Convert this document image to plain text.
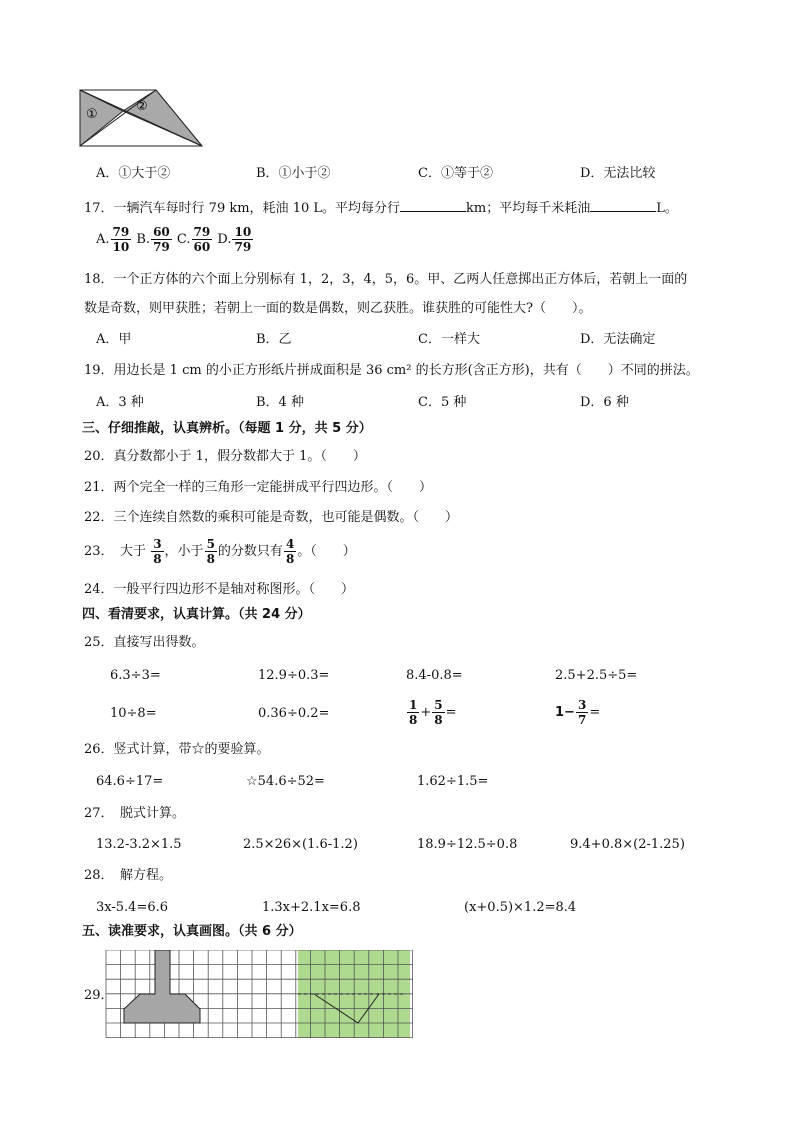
①
②
A．①大于②	B．①小于②	C．①等于②	D．无法比较
17．一辆汽车每时行 79 km，耗油 10 L。平均每分行	km；平均每千米耗油	L。
A. $\frac{79}{10} B$. $\frac{60}{79} C$. $\frac{79}{60} D$. $\frac{10}{79}$
18．一个正方体的六个面上分别标有 1，2，3，4，5，6。甲、乙两人任意掷出正方体后，若朝上一面的
数是奇数，则甲获胜；若朝上一面的数是偶数，则乙获胜。谁获胜的可能性大?（　　）。
A．甲	B．乙	C．一样大	D．无法确定
19．用边长是 1 cm 的小正方形纸片拼成面积是 36 cm² 的长方形(含正方形)，共有（　　）不同的拼法。
A．3 种	B．4 种	C．5 种	D．6 种
三、仔细推敲，认真辨析。（每题 1 分，共 5 分）
20．真分数都小于 1，假分数都大于 1。（　　）
21．两个完全一样的三角形一定能拼成平行四边形。（　　）
22．三个连续自然数的乘积可能是奇数，也可能是偶数。（　　）
23．　大于 $\frac{3}{8}$ ，小于 $\frac{5}{8}$ 的分数只有 $\frac{4}{8}$ 。（　　）
24．一般平行四边形不是轴对称图形。（　　）
四、看清要求，认真计算。（共 24 分）
25．直接写出得数。
6.3÷3=	12.9÷0.3=	8.4-0.8=	2.5+2.5÷5=
10÷8=	0.36÷0.2=	$\frac{1}{8} + \frac{5}{8}$ =	$1- \frac{3}{7}$ =
26．竖式计算，带☆的要验算。
64.6÷17=	☆54.6÷52=	1.62÷1.5=
27．　脱式计算。
13.2-3.2×1.5	2.5×26×(1.6-1.2)	18.9÷12.5÷0.8	9.4+0.8×(2-1.25)
28．　解方程。
3x-5.4=6.6	1.3x+2.1x=6.8	(x+0.5)×1.2=8.4
五、读准要求，认真画图。（共 6 分）
29．
